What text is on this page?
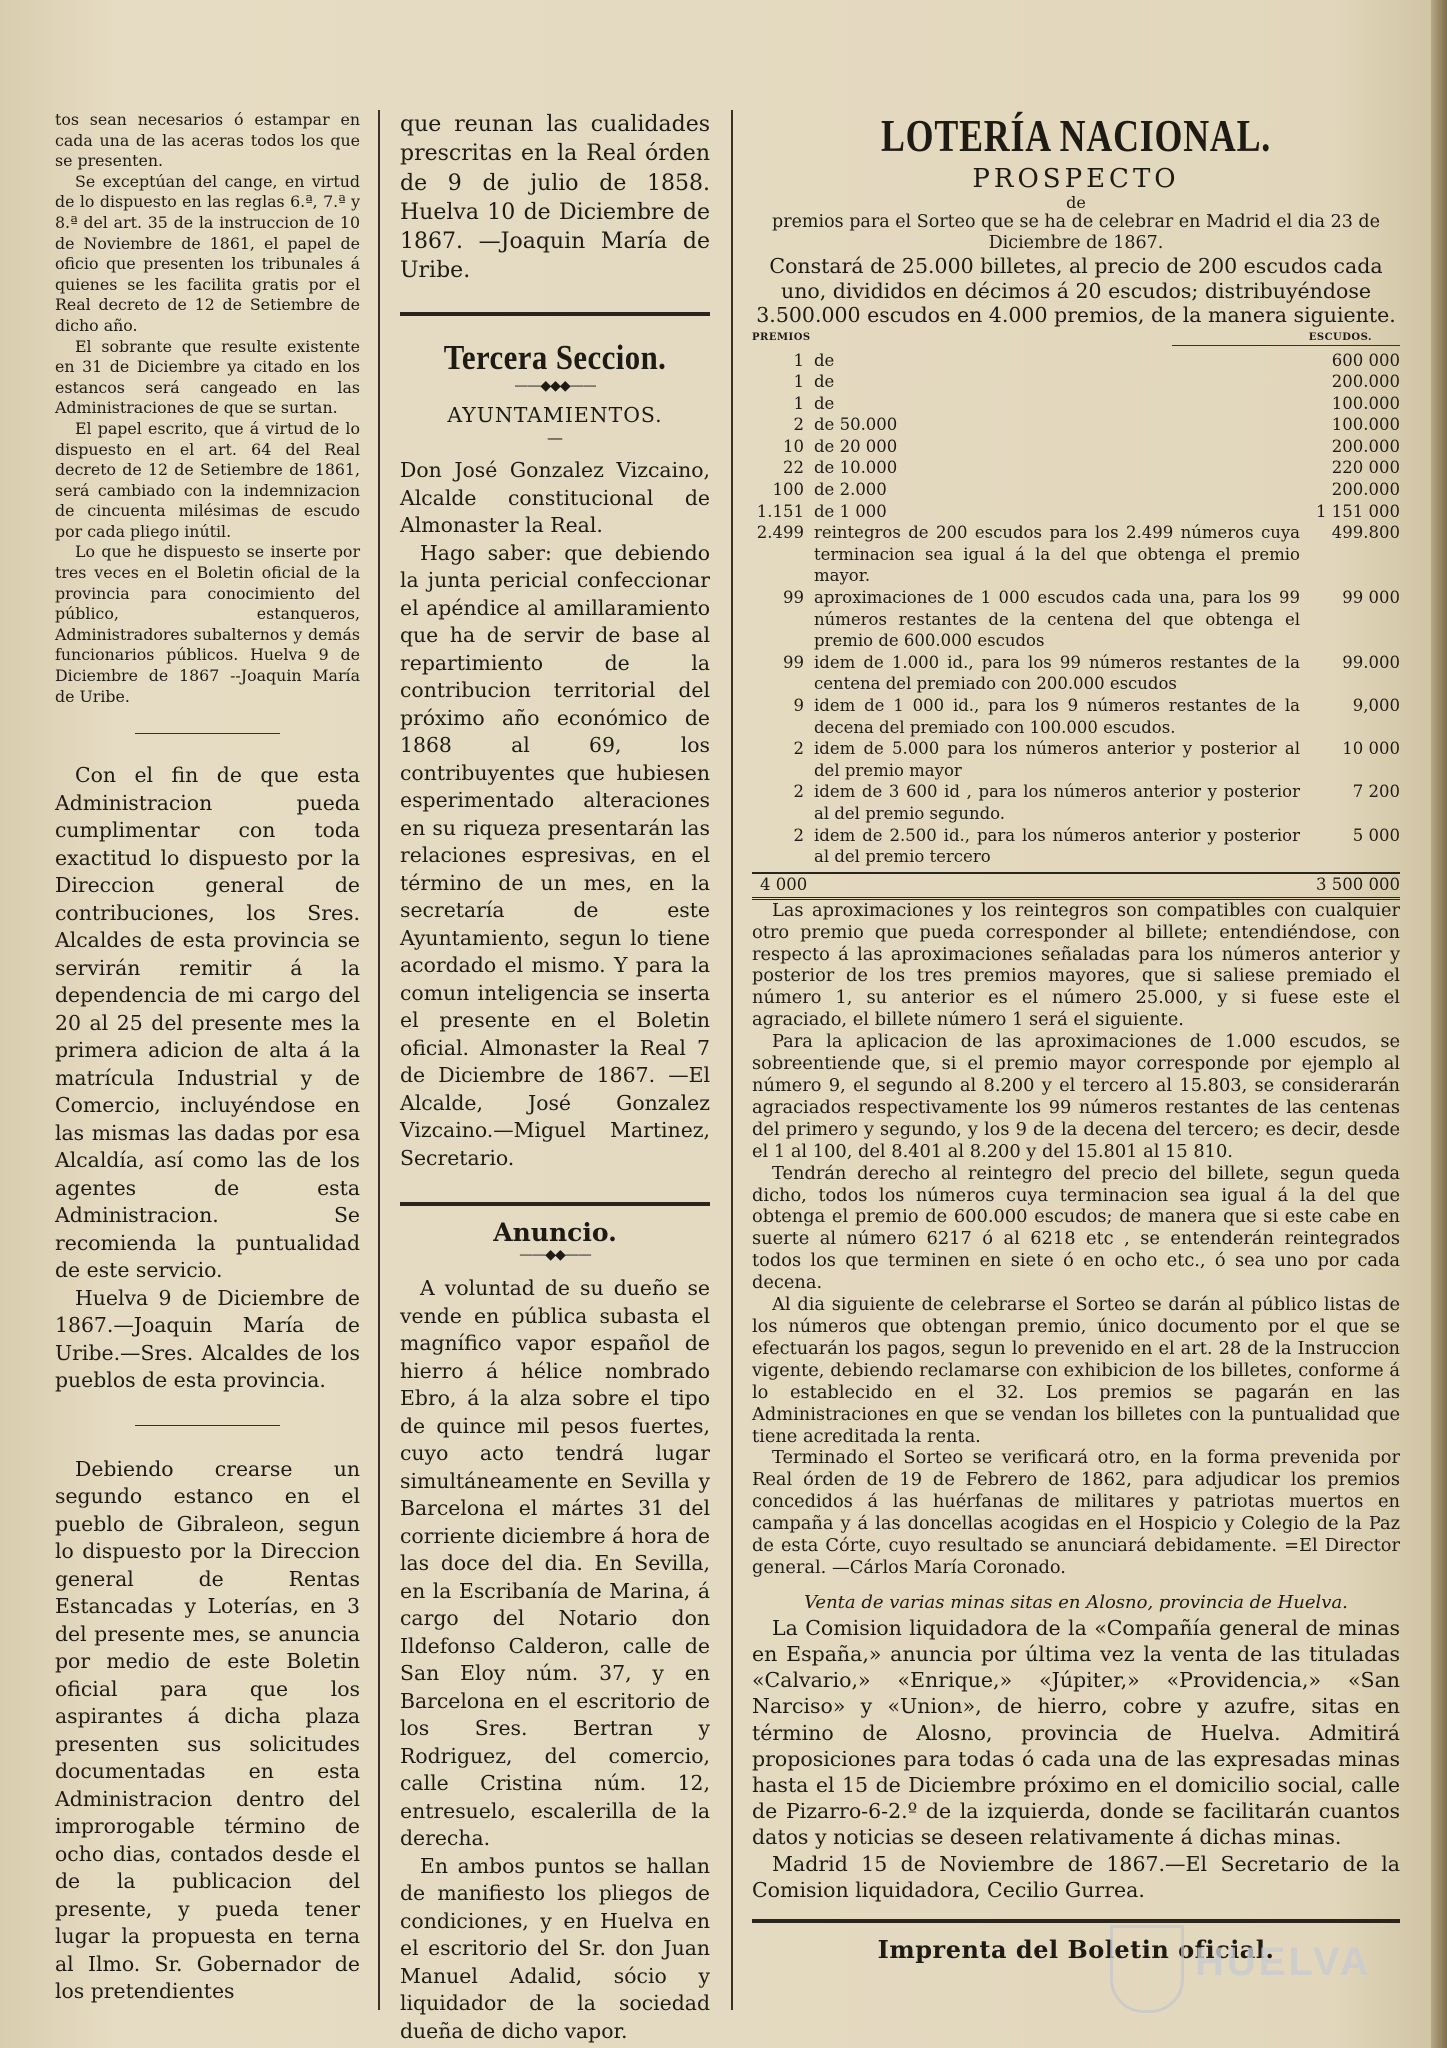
tos sean necesarios ó estampar en cada una de las aceras todos los que se presenten.

Se exceptúan del cange, en virtud de lo dispuesto en las reglas 6.ª, 7.ª y 8.ª del art. 35 de la instruccion de 10 de Noviembre de 1861, el papel de oficio que presenten los tribunales á quienes se les facilita gratis por el Real decreto de 12 de Setiembre de dicho año.

El sobrante que resulte existente en 31 de Diciembre ya citado en los estancos será cangeado en las Administraciones de que se surtan.

El papel escrito, que á virtud de lo dispuesto en el art. 64 del Real decreto de 12 de Setiembre de 1861, será cambiado con la indemnizacion de cincuenta milésimas de escudo por cada pliego inútil.

Lo que he dispuesto se inserte por tres veces en el Boletin oficial de la provincia para conocimiento del público, estanqueros, Administradores subalternos y demás funcionarios públicos. Huelva 9 de Diciembre de 1867 --Joaquin María de Uribe.

Con el fin de que esta Administracion pueda cumplimentar con toda exactitud lo dispuesto por la Direccion general de contribuciones, los Sres. Alcaldes de esta provincia se servirán remitir á la dependencia de mi cargo del 20 al 25 del presente mes la primera adicion de alta á la matrícula Industrial y de Comercio, incluyéndose en las mismas las dadas por esa Alcaldía, así como las de los agentes de esta Administracion. Se recomienda la puntualidad de este servicio.

Huelva 9 de Diciembre de 1867.—Joaquin María de Uribe.—Sres. Alcaldes de los pueblos de esta provincia.

Debiendo crearse un segundo estanco en el pueblo de Gibraleon, segun lo dispuesto por la Direccion general de Rentas Estancadas y Loterías, en 3 del presente mes, se anuncia por medio de este Boletin oficial para que los aspirantes á dicha plaza presenten sus solicitudes documentadas en esta Administracion dentro del improrogable término de ocho dias, contados desde el de la publicacion del presente, y pueda tener lugar la propuesta en terna al Ilmo. Sr. Gobernador de los pretendientes

que reunan las cualidades prescritas en la Real órden de 9 de julio de 1858. Huelva 10 de Diciembre de 1867. —Joaquin María de Uribe.

Tercera Seccion.
——◆◆◆——
AYUNTAMIENTOS.
—

Don José Gonzalez Vizcaino, Alcalde constitucional de Almonaster la Real.

Hago saber: que debiendo la junta pericial confeccionar el apéndice al amillaramiento que ha de servir de base al repartimiento de la contribucion territorial del próximo año económico de 1868 al 69, los contribuyentes que hubiesen esperimentado alteraciones en su riqueza presentarán las relaciones espresivas, en el término de un mes, en la secretaría de este Ayuntamiento, segun lo tiene acordado el mismo. Y para la comun inteligencia se inserta el presente en el Boletin oficial. Almonaster la Real 7 de Diciembre de 1867. —El Alcalde, José Gonzalez Vizcaino.—Miguel Martinez, Secretario.

Anuncio.
——◆◆——

A voluntad de su dueño se vende en pública subasta el magnífico vapor español de hierro á hélice nombrado Ebro, á la alza sobre el tipo de quince mil pesos fuertes, cuyo acto tendrá lugar simultáneamente en Sevilla y Barcelona el mártes 31 del corriente diciembre á hora de las doce del dia. En Sevilla, en la Escribanía de Marina, á cargo del Notario don Ildefonso Calderon, calle de San Eloy núm. 37, y en Barcelona en el escritorio de los Sres. Bertran y Rodriguez, del comercio, calle Cristina núm. 12, entresuelo, escalerilla de la derecha.

En ambos puntos se hallan de manifiesto los pliegos de condiciones, y en Huelva en el escritorio del Sr. don Juan Manuel Adalid, sócio y liquidador de la sociedad dueña de dicho vapor.

LOTERÍA NACIONAL.
PROSPECTO
de

premios para el Sorteo que se ha de celebrar en Madrid el dia 23 de Diciembre de 1867.

Constará de 25.000 billetes, al precio de 200 escudos cada uno, divididos en décimos á 20 escudos; distribuyéndose 3.500.000 escudos en 4.000 premios, de la manera siguiente.

PREMIOS	ESCUDOS.
1	de	600 000
1	de	200.000
1	de	100.000
2	de 50.000	100.000
10	de 20 000	200.000
22	de 10.000	220 000
100	de 2.000	200.000
1.151	de 1 000	1 151 000
2.499	reintegros de 200 escudos para los 2.499 números cuya terminacion sea igual á la del que obtenga el premio mayor.	499.800
99	aproximaciones de 1 000 escudos cada una, para los 99 números restantes de la centena del que obtenga el premio de 600.000 escudos	99 000
99	idem de 1.000 id., para los 99 números restantes de la centena del premiado con 200.000 escudos	99.000
9	idem de 1 000 id., para los 9 números restantes de la decena del premiado con 100.000 escudos.	9,000
2	idem de 5.000 para los números anterior y posterior al del premio mayor	10 000
2	idem de 3 600 id , para los números anterior y posterior al del premio segundo.	7 200
2	idem de 2.500 id., para los números anterior y posterior al del premio tercero	5 000
4 000	3 500 000

Las aproximaciones y los reintegros son compatibles con cualquier otro premio que pueda corresponder al billete; entendiéndose, con respecto á las aproximaciones señaladas para los números anterior y posterior de los tres premios mayores, que si saliese premiado el número 1, su anterior es el número 25.000, y si fuese este el agraciado, el billete número 1 será el siguiente.

Para la aplicacion de las aproximaciones de 1.000 escudos, se sobreentiende que, si el premio mayor corresponde por ejemplo al número 9, el segundo al 8.200 y el tercero al 15.803, se considerarán agraciados respectivamente los 99 números restantes de las centenas del primero y segundo, y los 9 de la decena del tercero; es decir, desde el 1 al 100, del 8.401 al 8.200 y del 15.801 al 15 810.

Tendrán derecho al reintegro del precio del billete, segun queda dicho, todos los números cuya terminacion sea igual á la del que obtenga el premio de 600.000 escudos; de manera que si este cabe en suerte al número 6217 ó al 6218 etc , se entenderán reintegrados todos los que terminen en siete ó en ocho etc., ó sea uno por cada decena.

Al dia siguiente de celebrarse el Sorteo se darán al público listas de los números que obtengan premio, único documento por el que se efectuarán los pagos, segun lo prevenido en el art. 28 de la Instruccion vigente, debiendo reclamarse con exhibicion de los billetes, conforme á lo establecido en el 32. Los premios se pagarán en las Administraciones en que se vendan los billetes con la puntualidad que tiene acreditada la renta.

Terminado el Sorteo se verificará otro, en la forma prevenida por Real órden de 19 de Febrero de 1862, para adjudicar los premios concedidos á las huérfanas de militares y patriotas muertos en campaña y á las doncellas acogidas en el Hospicio y Colegio de la Paz de esta Córte, cuyo resultado se anunciará debidamente. =El Director general. —Cárlos María Coronado.

Venta de varias minas sitas en Alosno, provincia de Huelva.

La Comision liquidadora de la «Compañía general de minas en España,» anuncia por última vez la venta de las tituladas «Calvario,» «Enrique,» «Júpiter,» «Providencia,» «San Narciso» y «Union», de hierro, cobre y azufre, sitas en término de Alosno, provincia de Huelva. Admitirá proposiciones para todas ó cada una de las expresadas minas hasta el 15 de Diciembre próximo en el domicilio social, calle de Pizarro-6-2.º de la izquierda, donde se facilitarán cuantos datos y noticias se deseen relativamente á dichas minas.

Madrid 15 de Noviembre de 1867.—El Secretario de la Comision liquidadora, Cecilio Gurrea.

Imprenta del Boletin oficial.
HUELVA
